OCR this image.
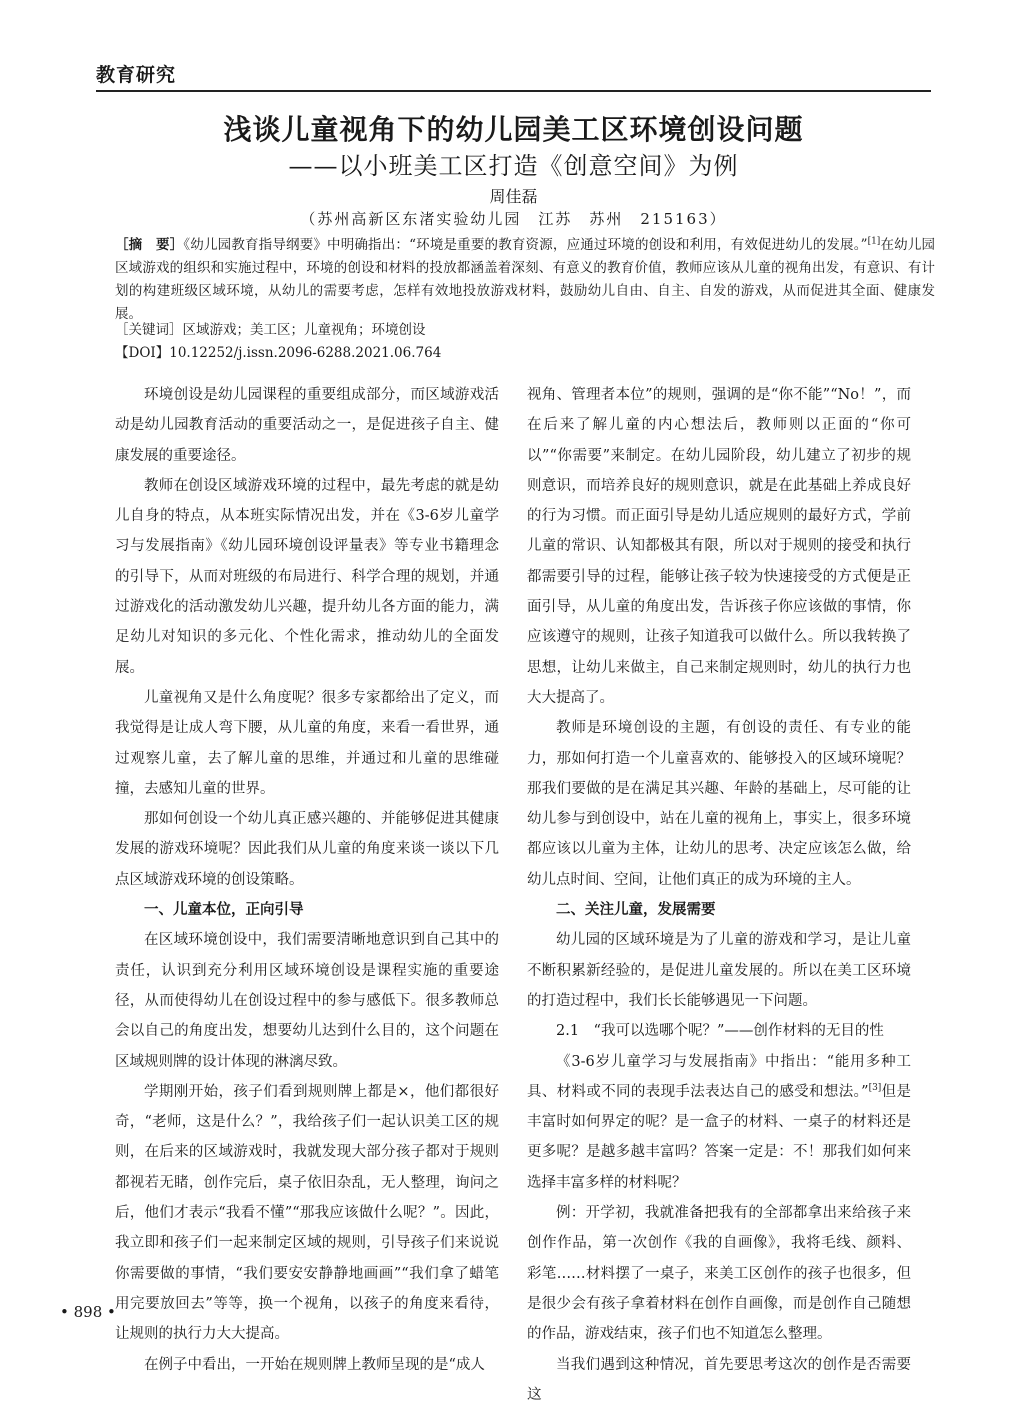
教育研究
浅谈儿童视角下的幼儿园美工区环境创设问题
——以小班美工区打造《创意空间》为例
周佳磊
（苏州高新区东渚实验幼儿园　江苏　苏州　215163）
［摘　要］《幼儿园教育指导纲要》中明确指出：“环境是重要的教育资源，应通过环境的创设和利用，有效促进幼儿的发展。”[1]在幼儿园区域游戏的组织和实施过程中，环境的创设和材料的投放都涵盖着深刻、有意义的教育价值，教师应该从儿童的视角出发，有意识、有计划的构建班级区域环境，从幼儿的需要考虑，怎样有效地投放游戏材料，鼓励幼儿自由、自主、自发的游戏，从而促进其全面、健康发展。
［关键词］区域游戏；美工区；儿童视角；环境创设
【DOI】10.12252/j.issn.2096-6288.2021.06.764

环境创设是幼儿园课程的重要组成部分，而区域游戏活动是幼儿园教育活动的重要活动之一，是促进孩子自主、健康发展的重要途径。

教师在创设区域游戏环境的过程中，最先考虑的就是幼儿自身的特点，从本班实际情况出发，并在《3-6岁儿童学习与发展指南》《幼儿园环境创设评量表》等专业书籍理念的引导下，从而对班级的布局进行、科学合理的规划，并通过游戏化的活动激发幼儿兴趣，提升幼儿各方面的能力，满足幼儿对知识的多元化、个性化需求，推动幼儿的全面发展。

儿童视角又是什么角度呢？很多专家都给出了定义，而我觉得是让成人弯下腰，从儿童的角度，来看一看世界，通过观察儿童，去了解儿童的思维，并通过和儿童的思维碰撞，去感知儿童的世界。

那如何创设一个幼儿真正感兴趣的、并能够促进其健康发展的游戏环境呢？因此我们从儿童的角度来谈一谈以下几点区域游戏环境的创设策略。

一、儿童本位，正向引导

在区域环境创设中，我们需要清晰地意识到自己其中的责任，认识到充分利用区域环境创设是课程实施的重要途径，从而使得幼儿在创设过程中的参与感低下。很多教师总会以自己的角度出发，想要幼儿达到什么目的，这个问题在区域规则牌的设计体现的淋漓尽致。

学期刚开始，孩子们看到规则牌上都是×，他们都很好奇，“老师，这是什么？”，我给孩子们一起认识美工区的规则，在后来的区域游戏时，我就发现大部分孩子都对于规则都视若无睹，创作完后，桌子依旧杂乱，无人整理，询问之后，他们才表示“我看不懂”“那我应该做什么呢？”。因此，我立即和孩子们一起来制定区域的规则，引导孩子们来说说你需要做的事情，“我们要安安静静地画画”“我们拿了蜡笔用完要放回去”等等，换一个视角，以孩子的角度来看待，让规则的执行力大大提高。

在例子中看出，一开始在规则牌上教师呈现的是“成人

视角、管理者本位”的规则，强调的是“你不能”“No！”，而在后来了解儿童的内心想法后，教师则以正面的“你可以”“你需要”来制定。在幼儿园阶段，幼儿建立了初步的规则意识，而培养良好的规则意识，就是在此基础上养成良好的行为习惯。而正面引导是幼儿适应规则的最好方式，学前儿童的常识、认知都极其有限，所以对于规则的接受和执行都需要引导的过程，能够让孩子较为快速接受的方式便是正面引导，从儿童的角度出发，告诉孩子你应该做的事情，你应该遵守的规则，让孩子知道我可以做什么。所以我转换了思想，让幼儿来做主，自己来制定规则时，幼儿的执行力也大大提高了。

教师是环境创设的主题，有创设的责任、有专业的能力，那如何打造一个儿童喜欢的、能够投入的区域环境呢？那我们要做的是在满足其兴趣、年龄的基础上，尽可能的让幼儿参与到创设中，站在儿童的视角上，事实上，很多环境都应该以儿童为主体，让幼儿的思考、决定应该怎么做，给幼儿点时间、空间，让他们真正的成为环境的主人。

二、关注儿童，发展需要

幼儿园的区域环境是为了儿童的游戏和学习，是让儿童不断积累新经验的，是促进儿童发展的。所以在美工区环境的打造过程中，我们长长能够遇见一下问题。

2.1　“我可以选哪个呢？”——创作材料的无目的性

《3-6岁儿童学习与发展指南》中指出：“能用多种工具、材料或不同的表现手法表达自己的感受和想法。”[3]但是丰富时如何界定的呢？是一盒子的材料、一桌子的材料还是更多呢？是越多越丰富吗？答案一定是：不！那我们如何来选择丰富多样的材料呢？

例：开学初，我就准备把我有的全部都拿出来给孩子来创作作品，第一次创作《我的自画像》，我将毛线、颜料、彩笔……材料摆了一桌子，来美工区创作的孩子也很多，但是很少会有孩子拿着材料在创作自画像，而是创作自己随想的作品，游戏结束，孩子们也不知道怎么整理。

当我们遇到这种情况，首先要思考这次的创作是否需要这

• 898 •
